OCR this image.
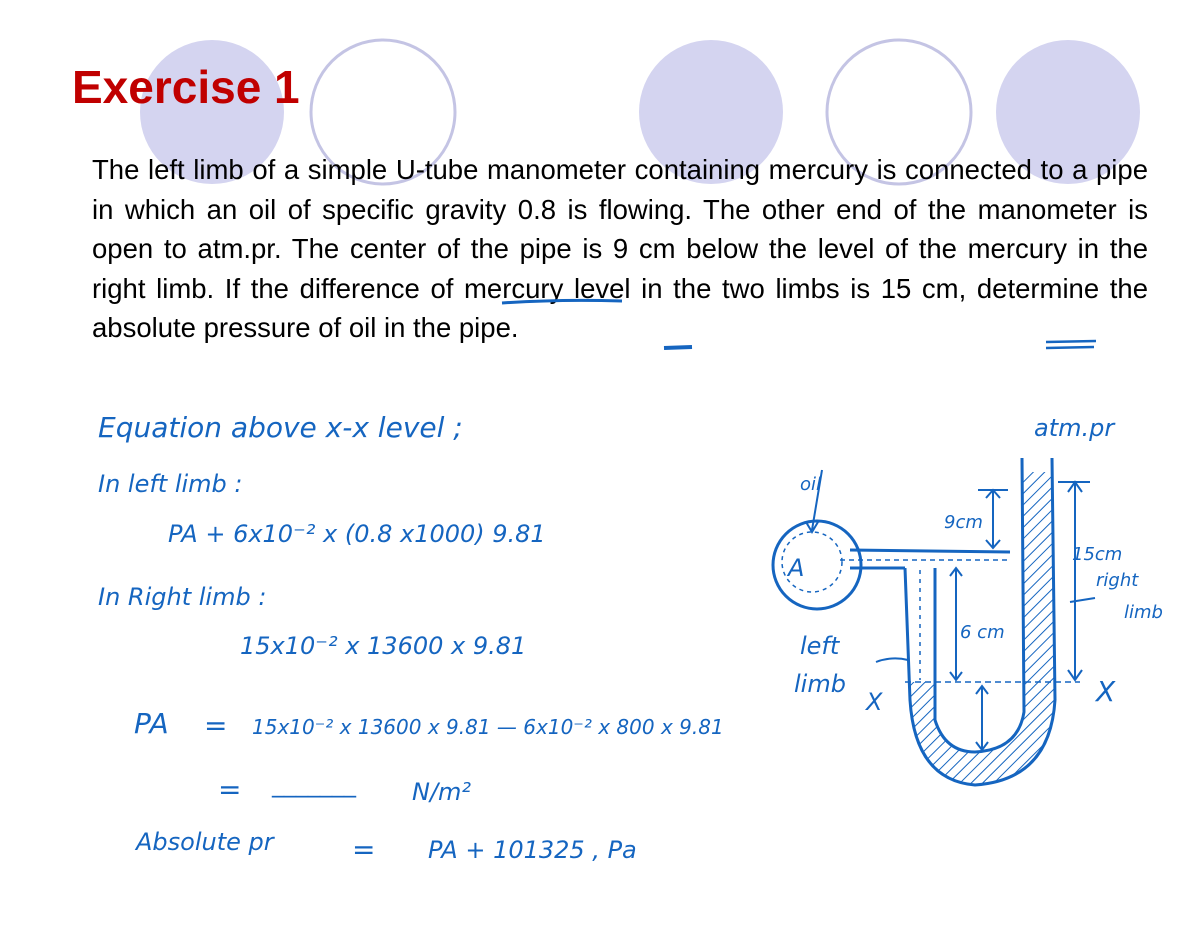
Exercise 1

The left limb of a simple U-tube manometer containing mercury is connected to a pipe in which an oil of specific gravity 0.8 is flowing. The other end of the manometer is open to atm.pr. The center of the pipe is 9 cm below the level of the mercury in the right limb. If the difference of mercury level in the two limbs is 15 cm, determine the absolute pressure of oil in the pipe.

Equation above x-x level ;
In left limb :
PA + 6x10⁻² x (0.8 x1000) 9.81
In Right limb :
15x10⁻² x 13600 x 9.81
PA = 15x10⁻² x 13600 x 9.81 — 6x10⁻² x 800 x 9.81
= _______ N/m²
Absolute pr	= PA + 101325 , Pa
atm.pr
oil
A
9cm
15cm
right
limb
6 cm
left
limb
X	X
